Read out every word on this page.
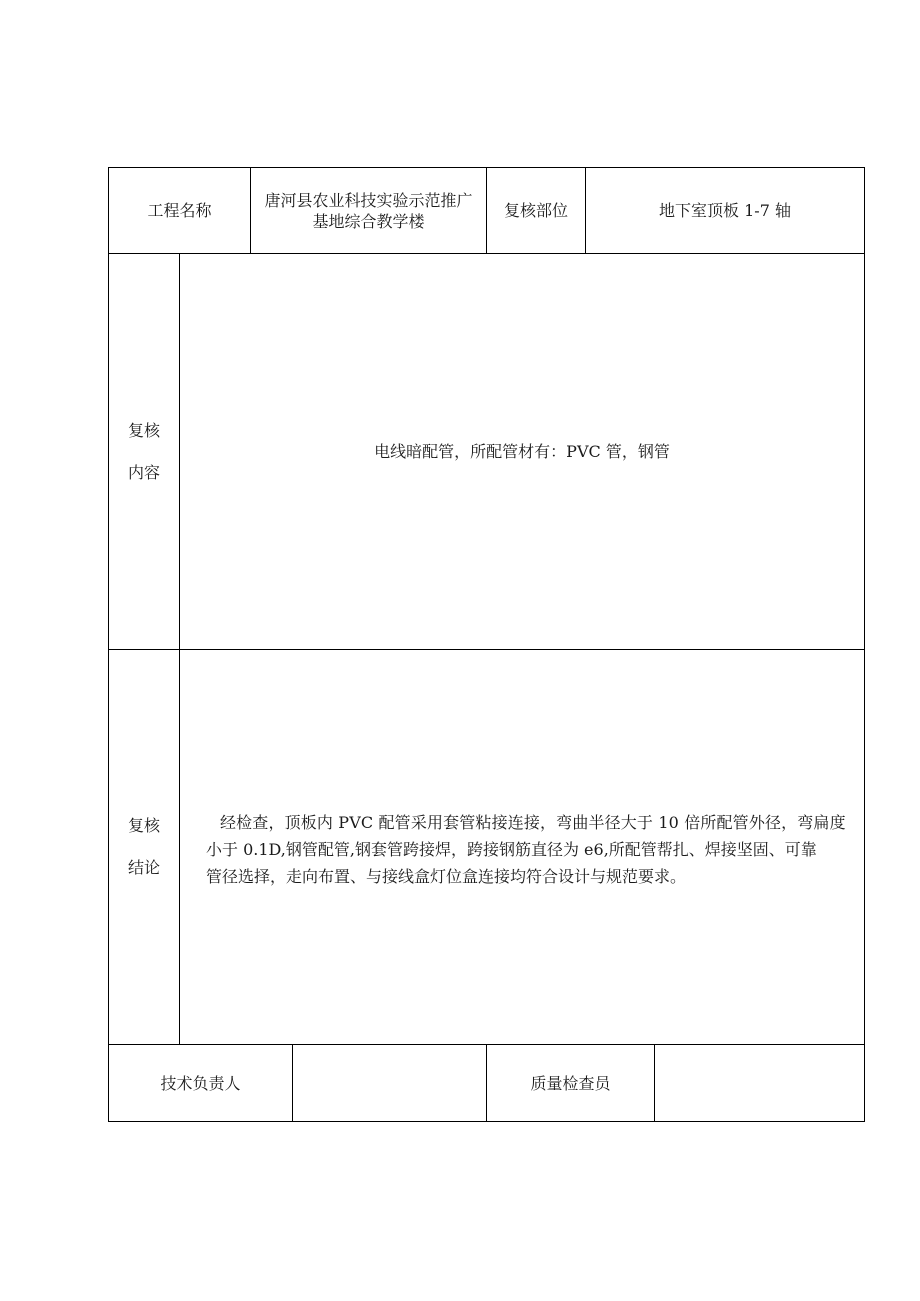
工程名称
唐河县农业科技实验示范推广
基地综合教学楼
复核部位	地下室顶板 1-7 轴
复核
内容
电线暗配管，所配管材有：PVC 管，钢管
复核
结论
经检查，顶板内 PVC 配管采用套管粘接连接，弯曲半径大于 10 倍所配管外径，弯扁度
小于 0.1D,钢管配管,钢套管跨接焊，跨接钢筋直径为 e6,所配管帮扎、焊接坚固、可靠
管径选择，走向布置、与接线盒灯位盒连接均符合设计与规范要求。
技术负责人	质量检查员
